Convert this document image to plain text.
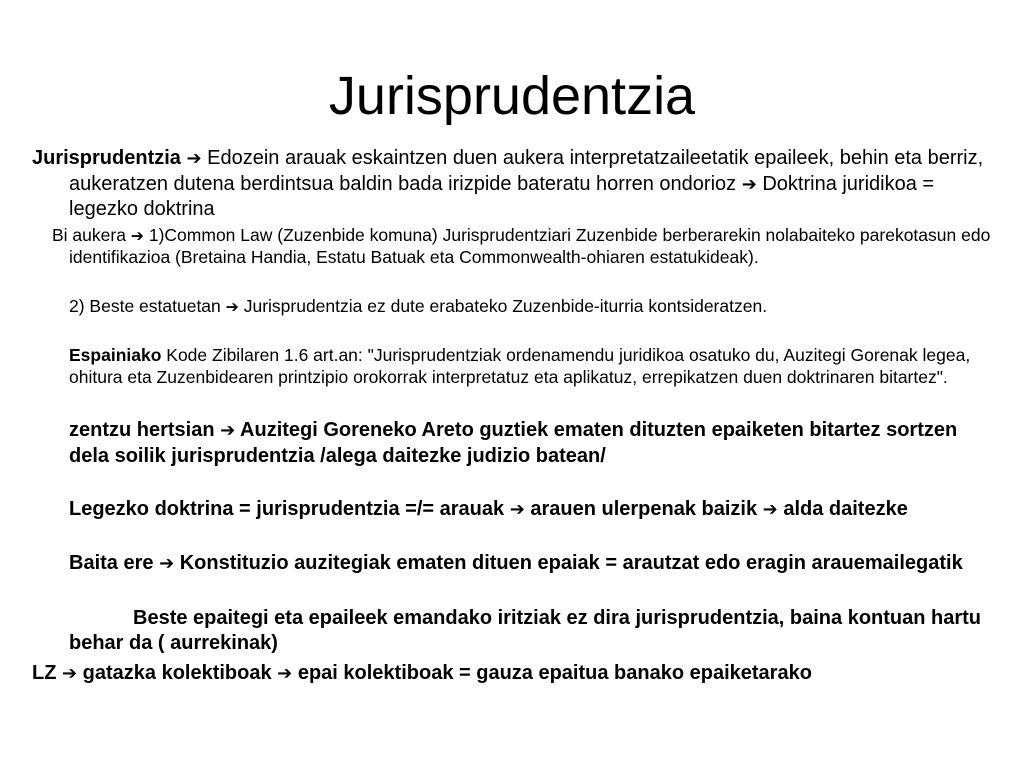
Jurisprudentzia

Jurisprudentzia ➔ Edozein arauak eskaintzen duen aukera interpretatzaileetatik epaileek, behin eta berriz, aukeratzen dutena berdintsua baldin bada irizpide bateratu horren ondorioz ➔ Doktrina juridikoa = legezko doktrina

Bi aukera ➔ 1)Common Law (Zuzenbide komuna) Jurisprudentziari Zuzenbide berberarekin nolabaiteko parekotasun edo identifikazioa (Bretaina Handia, Estatu Batuak eta Commonwealth-ohiaren estatukideak).

2) Beste estatuetan ➔ Jurisprudentzia ez dute erabateko Zuzenbide-iturria kontsideratzen.

Espainiako Kode Zibilaren 1.6 art.an: "Jurisprudentziak ordenamendu juridikoa osatuko du, Auzitegi Gorenak legea, ohitura eta Zuzenbidearen printzipio orokorrak interpretatuz eta aplikatuz, errepikatzen duen doktrinaren bitartez".

zentzu hertsian ➔ Auzitegi Goreneko Areto guztiek ematen dituzten epaiketen bitartez sortzen dela soilik jurisprudentzia /alega daitezke judizio batean/

Legezko doktrina = jurisprudentzia =/= arauak ➔ arauen ulerpenak baizik ➔ alda daitezke

Baita ere ➔ Konstituzio auzitegiak ematen dituen epaiak = arautzat edo eragin arauemailegatik

Beste epaitegi eta epaileek emandako iritziak ez dira jurisprudentzia, baina kontuan hartu behar da ( aurrekinak)

LZ ➔ gatazka kolektiboak ➔ epai kolektiboak = gauza epaitua banako epaiketarako
